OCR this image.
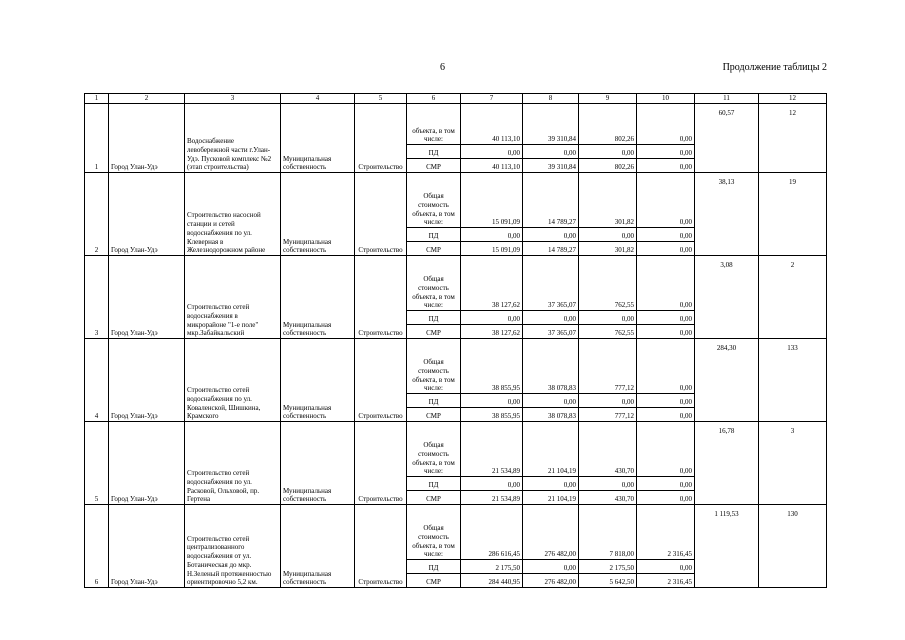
6	Продолжение таблицы 2
1	2	3	4	5	6	7	8	9	10	11	12
1	Город Улан-Удэ	Водоснабжение левобережной части г.Улан-Удэ. Пусковой комплекс №2 (этап строительства)	Муниципальная собственность	Строительство	объекта, в том числе:	40 113,10	39 310,84	802,26	0,00	60,57	12
					ПД	0,00	0,00	0,00	0,00		
					СМР	40 113,10	39 310,84	802,26	0,00		
2	Город Улан-Удэ	Строительство насосной станции и сетей водоснабжения по ул. Клеверная в Железнодорожном районе	Муниципальная собственность	Строительство	Общая стоимость объекта, в том числе:	15 091,09	14 789,27	301,82	0,00	38,13	19
					ПД	0,00	0,00	0,00	0,00		
					СМР	15 091,09	14 789,27	301,82	0,00		
3	Город Улан-Удэ	Строительство сетей водоснабжения в микрорайоне "1-е поле" мкр.Забайкальский	Муниципальная собственность	Строительство	Общая стоимость объекта, в том числе:	38 127,62	37 365,07	762,55	0,00	3,08	2
					ПД	0,00	0,00	0,00	0,00		
					СМР	38 127,62	37 365,07	762,55	0,00		
4	Город Улан-Удэ	Строительство сетей водоснабжения по ул. Коваленской, Шишкина, Крамского	Муниципальная собственность	Строительство	Общая стоимость объекта, в том числе:	38 855,95	38 078,83	777,12	0,00	284,30	133
					ПД	0,00	0,00	0,00	0,00		
					СМР	38 855,95	38 078,83	777,12	0,00		
5	Город Улан-Удэ	Строительство сетей водоснабжения по ул. Расковой, Ольховой, пр. Гертена	Муниципальная собственность	Строительство	Общая стоимость объекта, в том числе:	21 534,89	21 104,19	430,70	0,00	16,78	3
					ПД	0,00	0,00	0,00	0,00		
					СМР	21 534,89	21 104,19	430,70	0,00		
6	Город Улан-Удэ	Строительство сетей централизованного водоснабжения от ул. Ботаническая до мкр. Н.Зеленый протяженностью ориентировочно 5,2 км.	Муниципальная собственность	Строительство	Общая стоимость объекта, в том числе:	286 616,45	276 482,00	7 818,00	2 316,45	1 119,53	130
					ПД	2 175,50	0,00	2 175,50	0,00		
					СМР	284 440,95	276 482,00	5 642,50	2 316,45		
